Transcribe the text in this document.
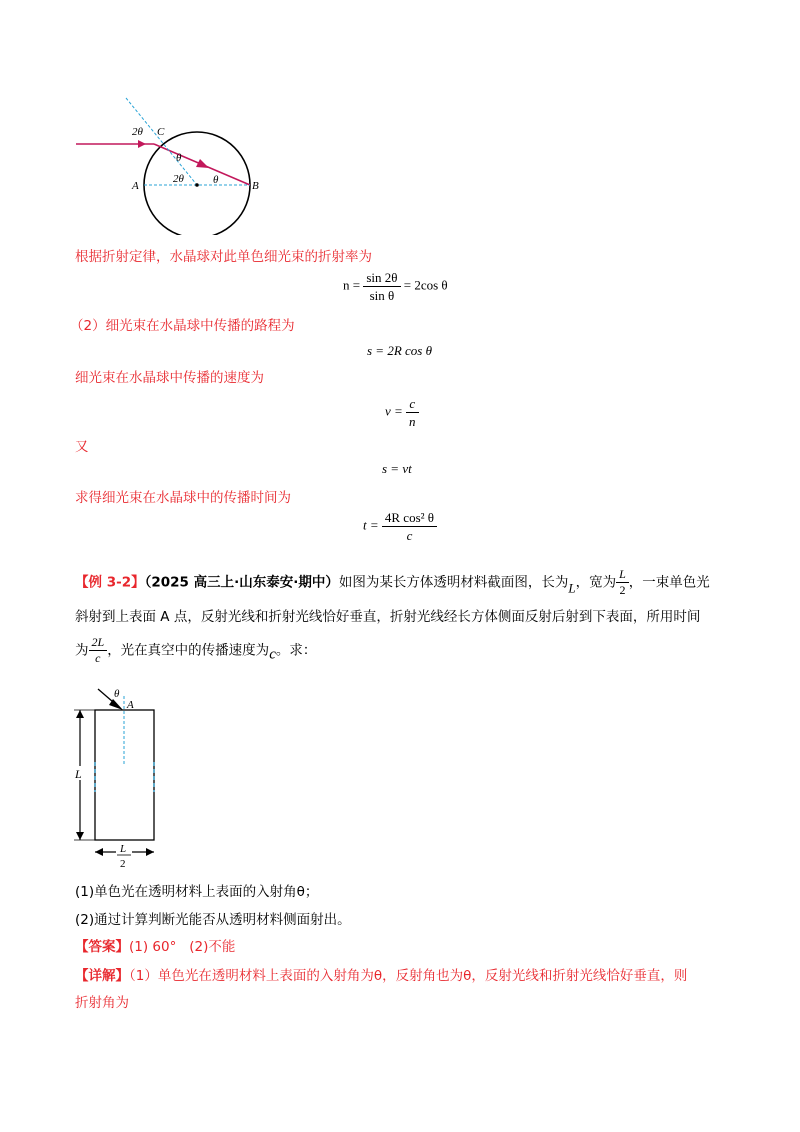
2θ C
θ
A
2θ	θ	B
根据折射定律，水晶球对此单色细光束的折射率为
$n = \frac{\sin 2\theta}{\text{sin θ}} = 2\cos$ θ
（2）细光束在水晶球中传播的路程为
s = 2R cos θ
细光束在水晶球中传播的速度为
$v = \frac{c}{n}$
又
s = vt
求得细光束在水晶球中的传播时间为
$t = \frac{\text{4R cos² θ}}{c}$
【例 3-2】（2025 高三上·山东泰安·期中）如图为某长方体透明材料截面图，长为L，宽为 $\frac{L}{2}$ ，一束单色光
斜射到上表面 A 点，反射光线和折射光线恰好垂直，折射光线经长方体侧面反射后射到下表面，所用时间
为 $\frac{2L}{c}$ ，光在真空中的传播速度为c。求：
θ
A
L
L
2
(1)单色光在透明材料上表面的入射角θ；
(2)通过计算判断光能否从透明材料侧面射出。
【答案】(1) 60° (2)不能
【详解】（1）单色光在透明材料上表面的入射角为θ，反射角也为θ，反射光线和折射光线恰好垂直，则
折射角为
